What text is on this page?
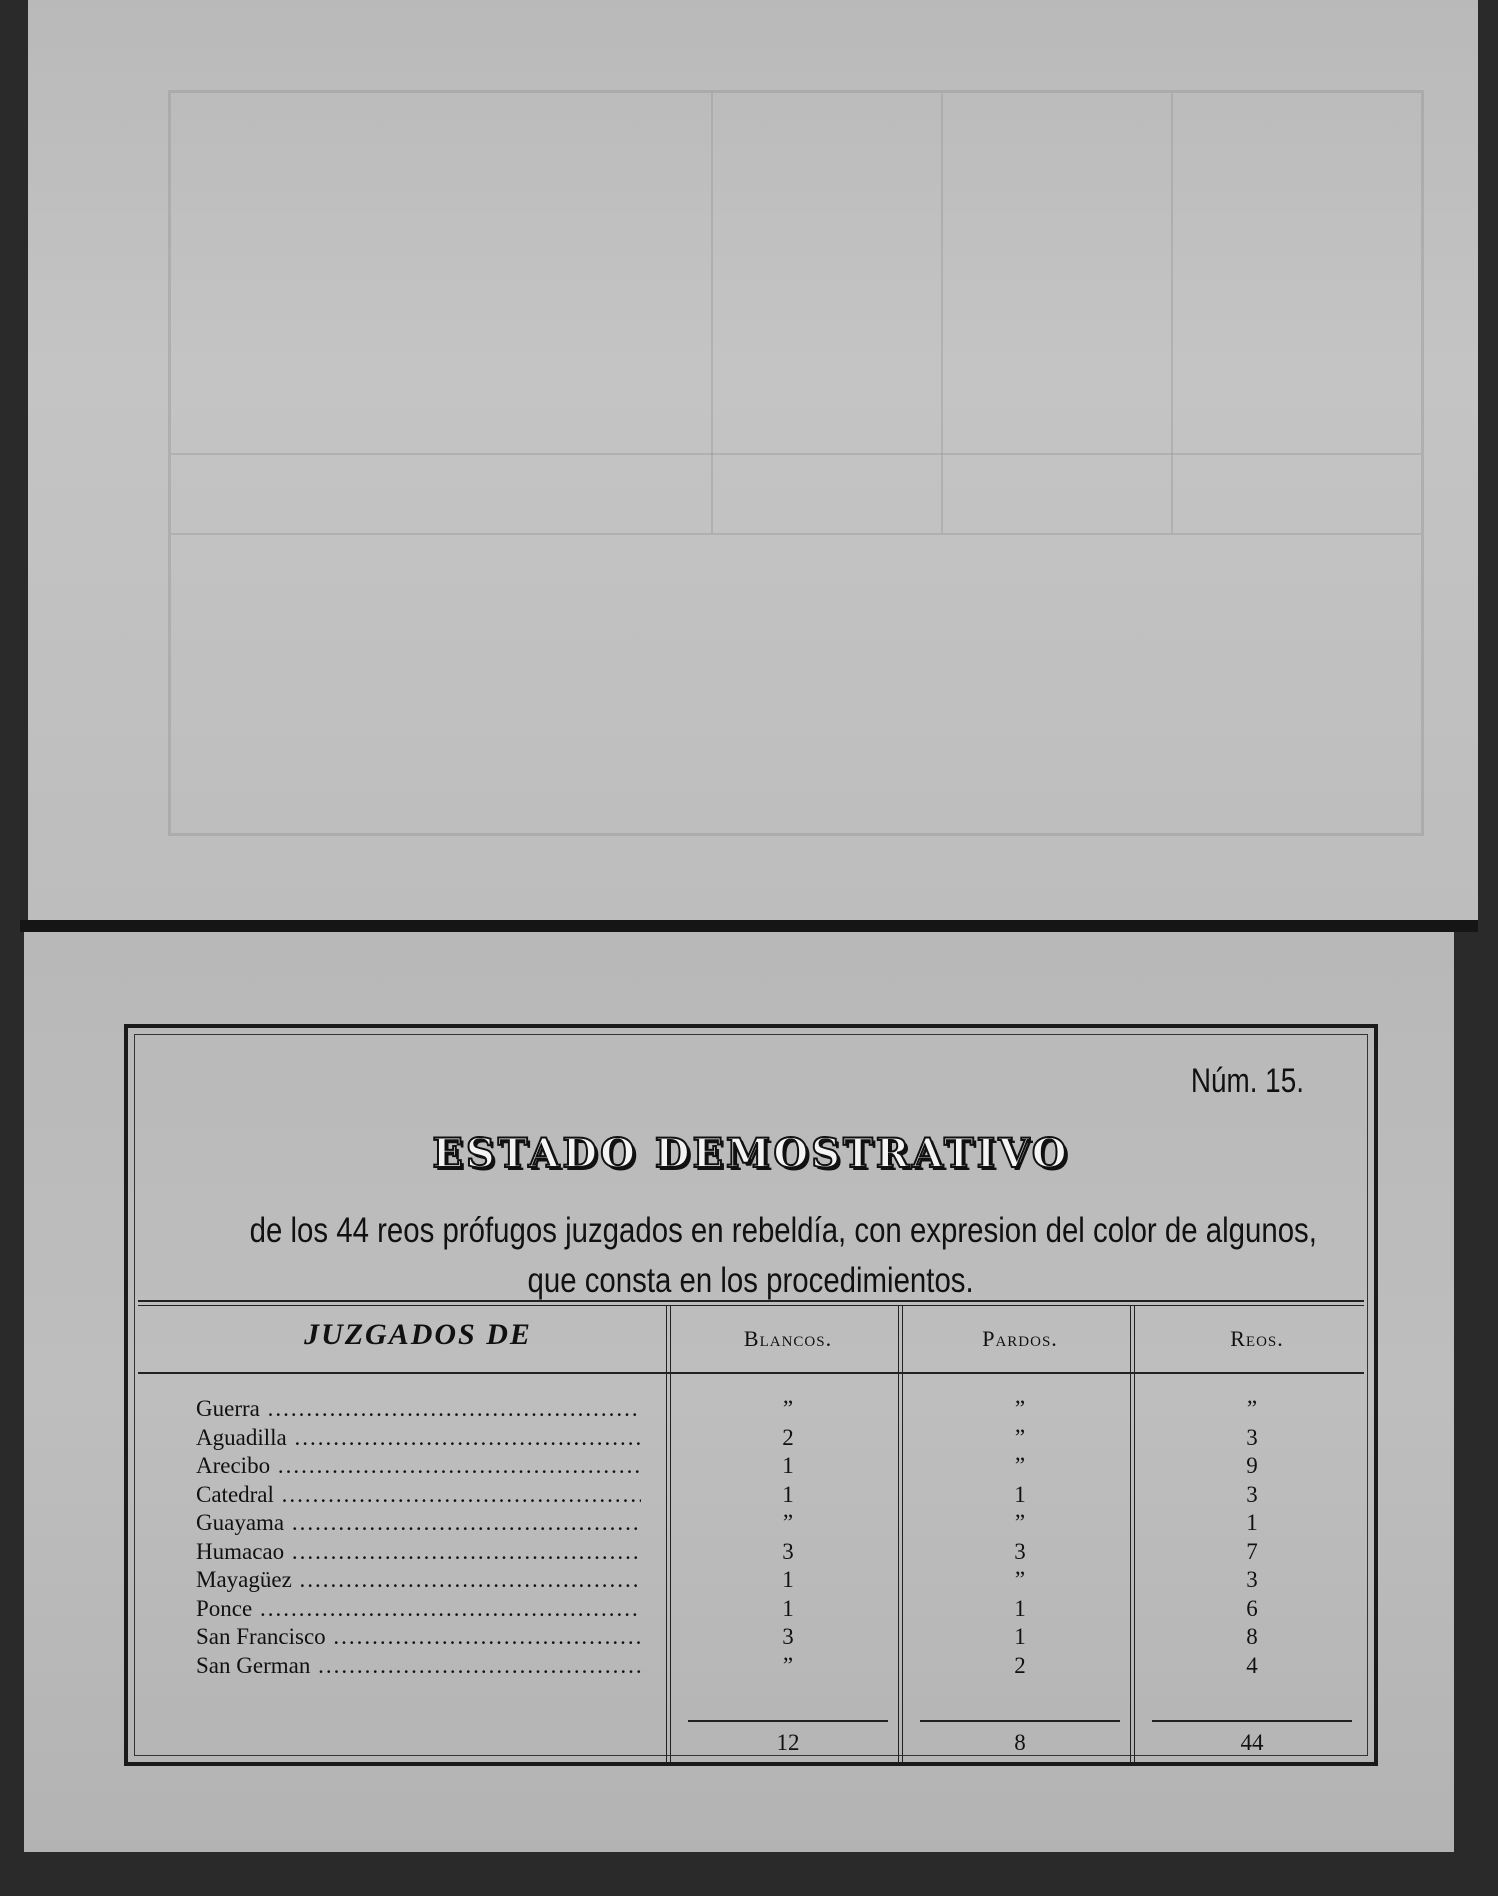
Núm. 15.
ESTADO DEMOSTRATIVO
de los 44 reos prófugos juzgados en rebeldía, con expresion del color de algunos,
que consta en los procedimientos.
JUZGADOS DE	Blancos.	Pardos.	Reos.
Guerra .....	”	”	”
Aguadilla .....	2	”	3
Arecibo .....	1	”	9
Catedral .....	1	1	3
Guayama .....	”	”	1
Humacao .....	3	3	7
Mayagüez .....	1	”	3
Ponce .....	1	1	6
San Francisco .....	3	1	8
San German .....	”	2	4
12	8	44
